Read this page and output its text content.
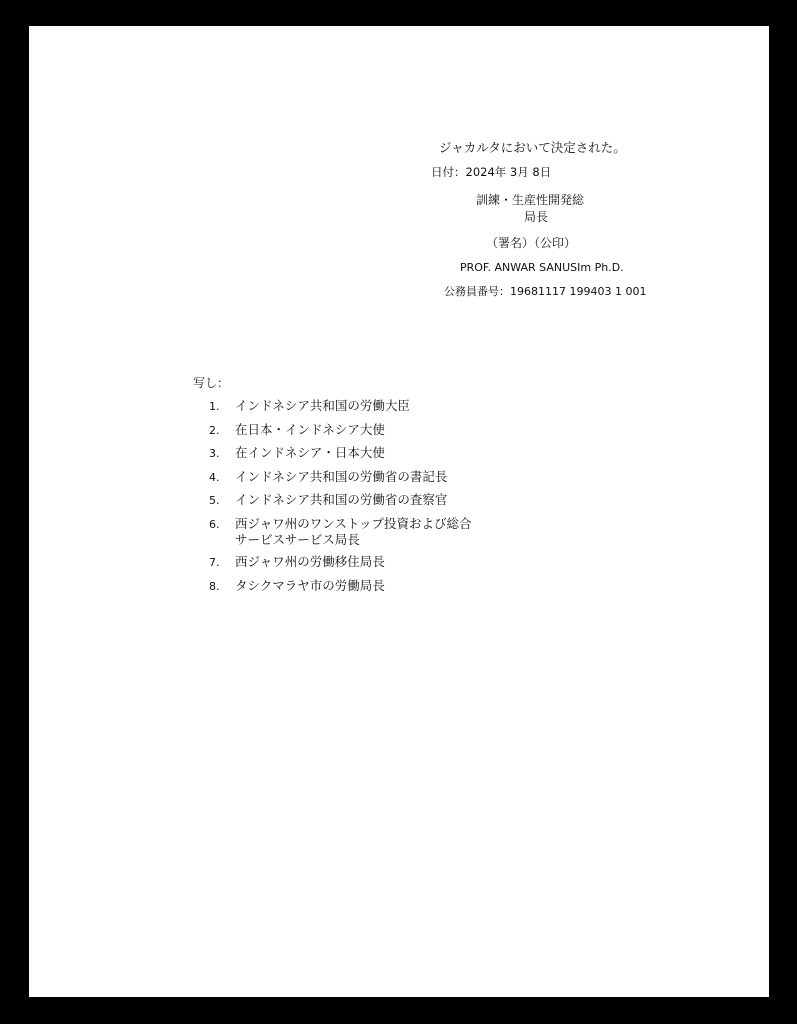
ジャカルタにおいて決定された。
日付：2024年 3月 8日
訓練・生産性開発総
局長
（署名）（公印）
PROF. ANWAR SANUSIm Ph.D.
公務員番号：19681117 199403 1 001
写し：
1.	インドネシア共和国の労働大臣
2.	在日本・インドネシア大使
3.	在インドネシア・日本大使
4.	インドネシア共和国の労働省の書記長
5.	インドネシア共和国の労働省の査察官
6.	西ジャワ州のワンストップ投資および総合
サービスサービス局長
7.	西ジャワ州の労働移住局長
8.	タシクマラヤ市の労働局長
